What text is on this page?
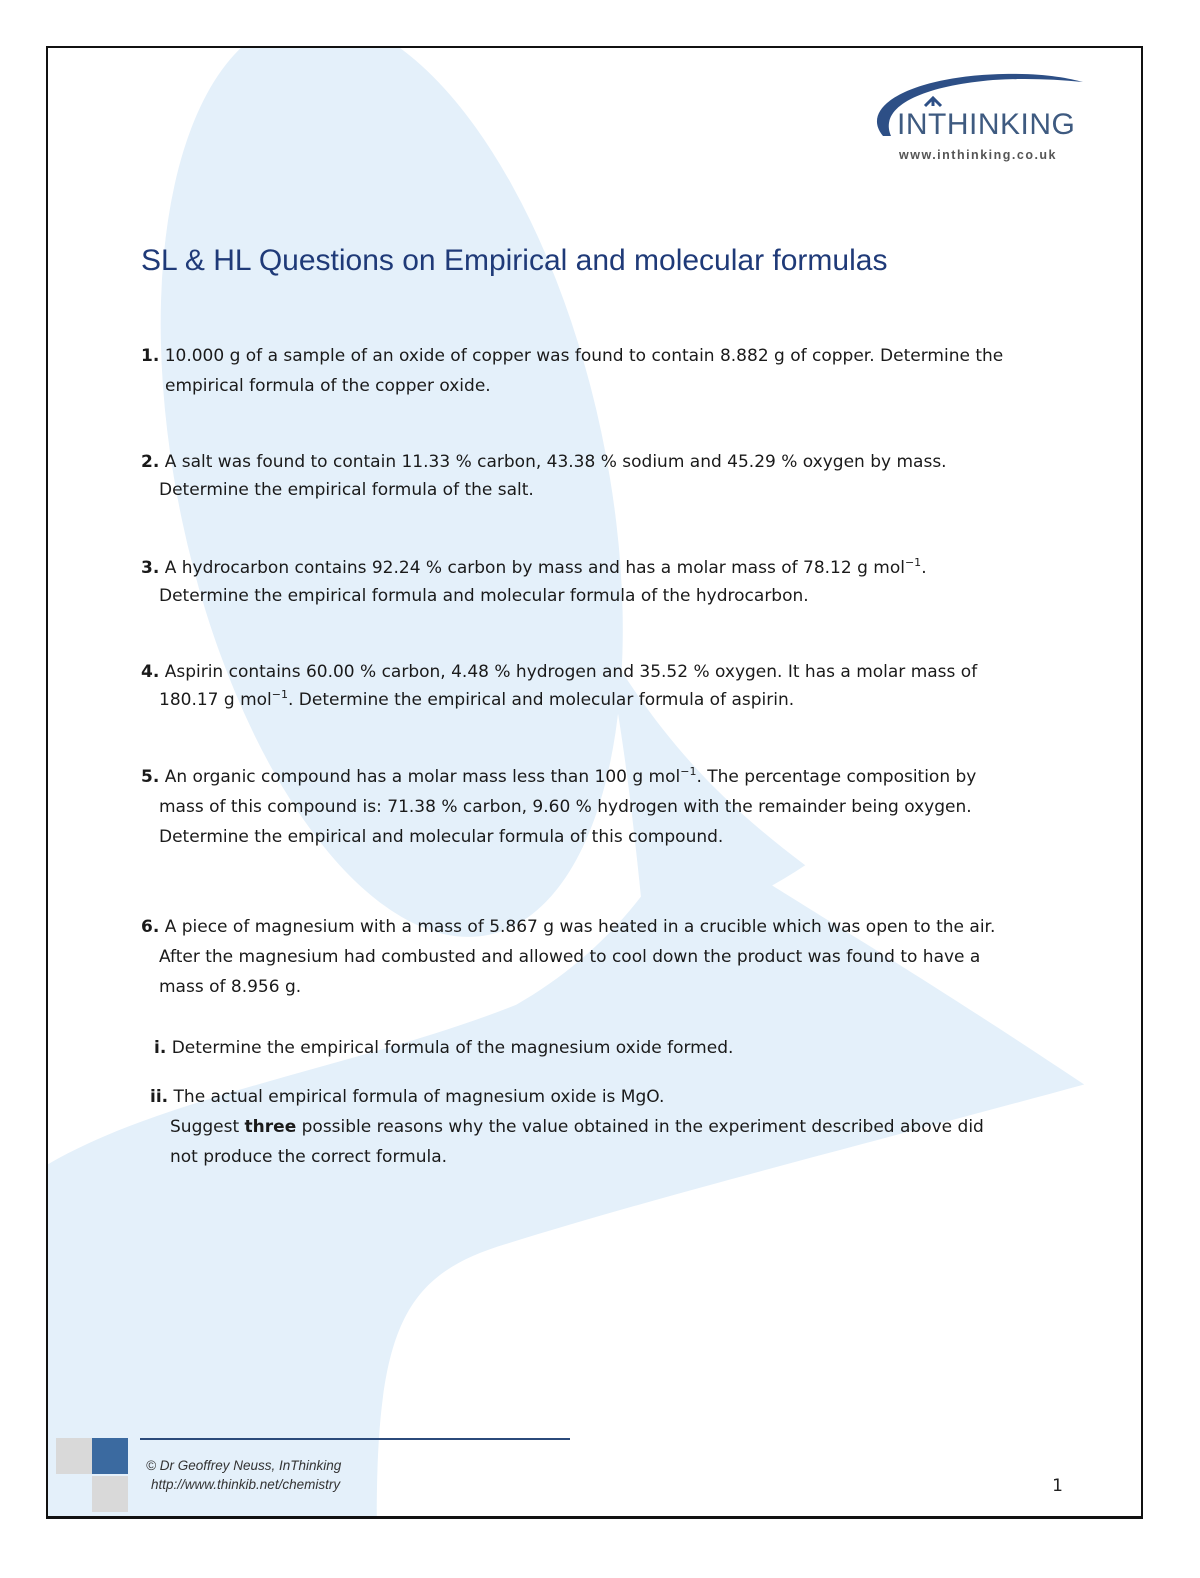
INTHINKING
www.inthinking.co.uk
SL & HL Questions on Empirical and molecular formulas
1. 10.000 g of a sample of an oxide of copper was found to contain 8.882 g of copper. Determine the
empirical formula of the copper oxide.
2. A salt was found to contain 11.33 % carbon, 43.38 % sodium and 45.29 % oxygen by mass.
Determine the empirical formula of the salt.
3. A hydrocarbon contains 92.24 % carbon by mass and has a molar mass of 78.12 g mol$^{-1}$.
Determine the empirical formula and molecular formula of the hydrocarbon.
4. Aspirin contains 60.00 % carbon, 4.48 % hydrogen and 35.52 % oxygen. It has a molar mass of
180.17 g mol$^{-1}$. Determine the empirical and molecular formula of aspirin.
5. An organic compound has a molar mass less than 100 g mol$^{-1}$. The percentage composition by
mass of this compound is: 71.38 % carbon, 9.60 % hydrogen with the remainder being oxygen.
Determine the empirical and molecular formula of this compound.
6. A piece of magnesium with a mass of 5.867 g was heated in a crucible which was open to the air.
After the magnesium had combusted and allowed to cool down the product was found to have a
mass of 8.956 g.
i. Determine the empirical formula of the magnesium oxide formed.
ii. The actual empirical formula of magnesium oxide is MgO.
Suggest three possible reasons why the value obtained in the experiment described above did
not produce the correct formula.
© Dr Geoffrey Neuss, InThinking
http://www.thinkib.net/chemistry	1
